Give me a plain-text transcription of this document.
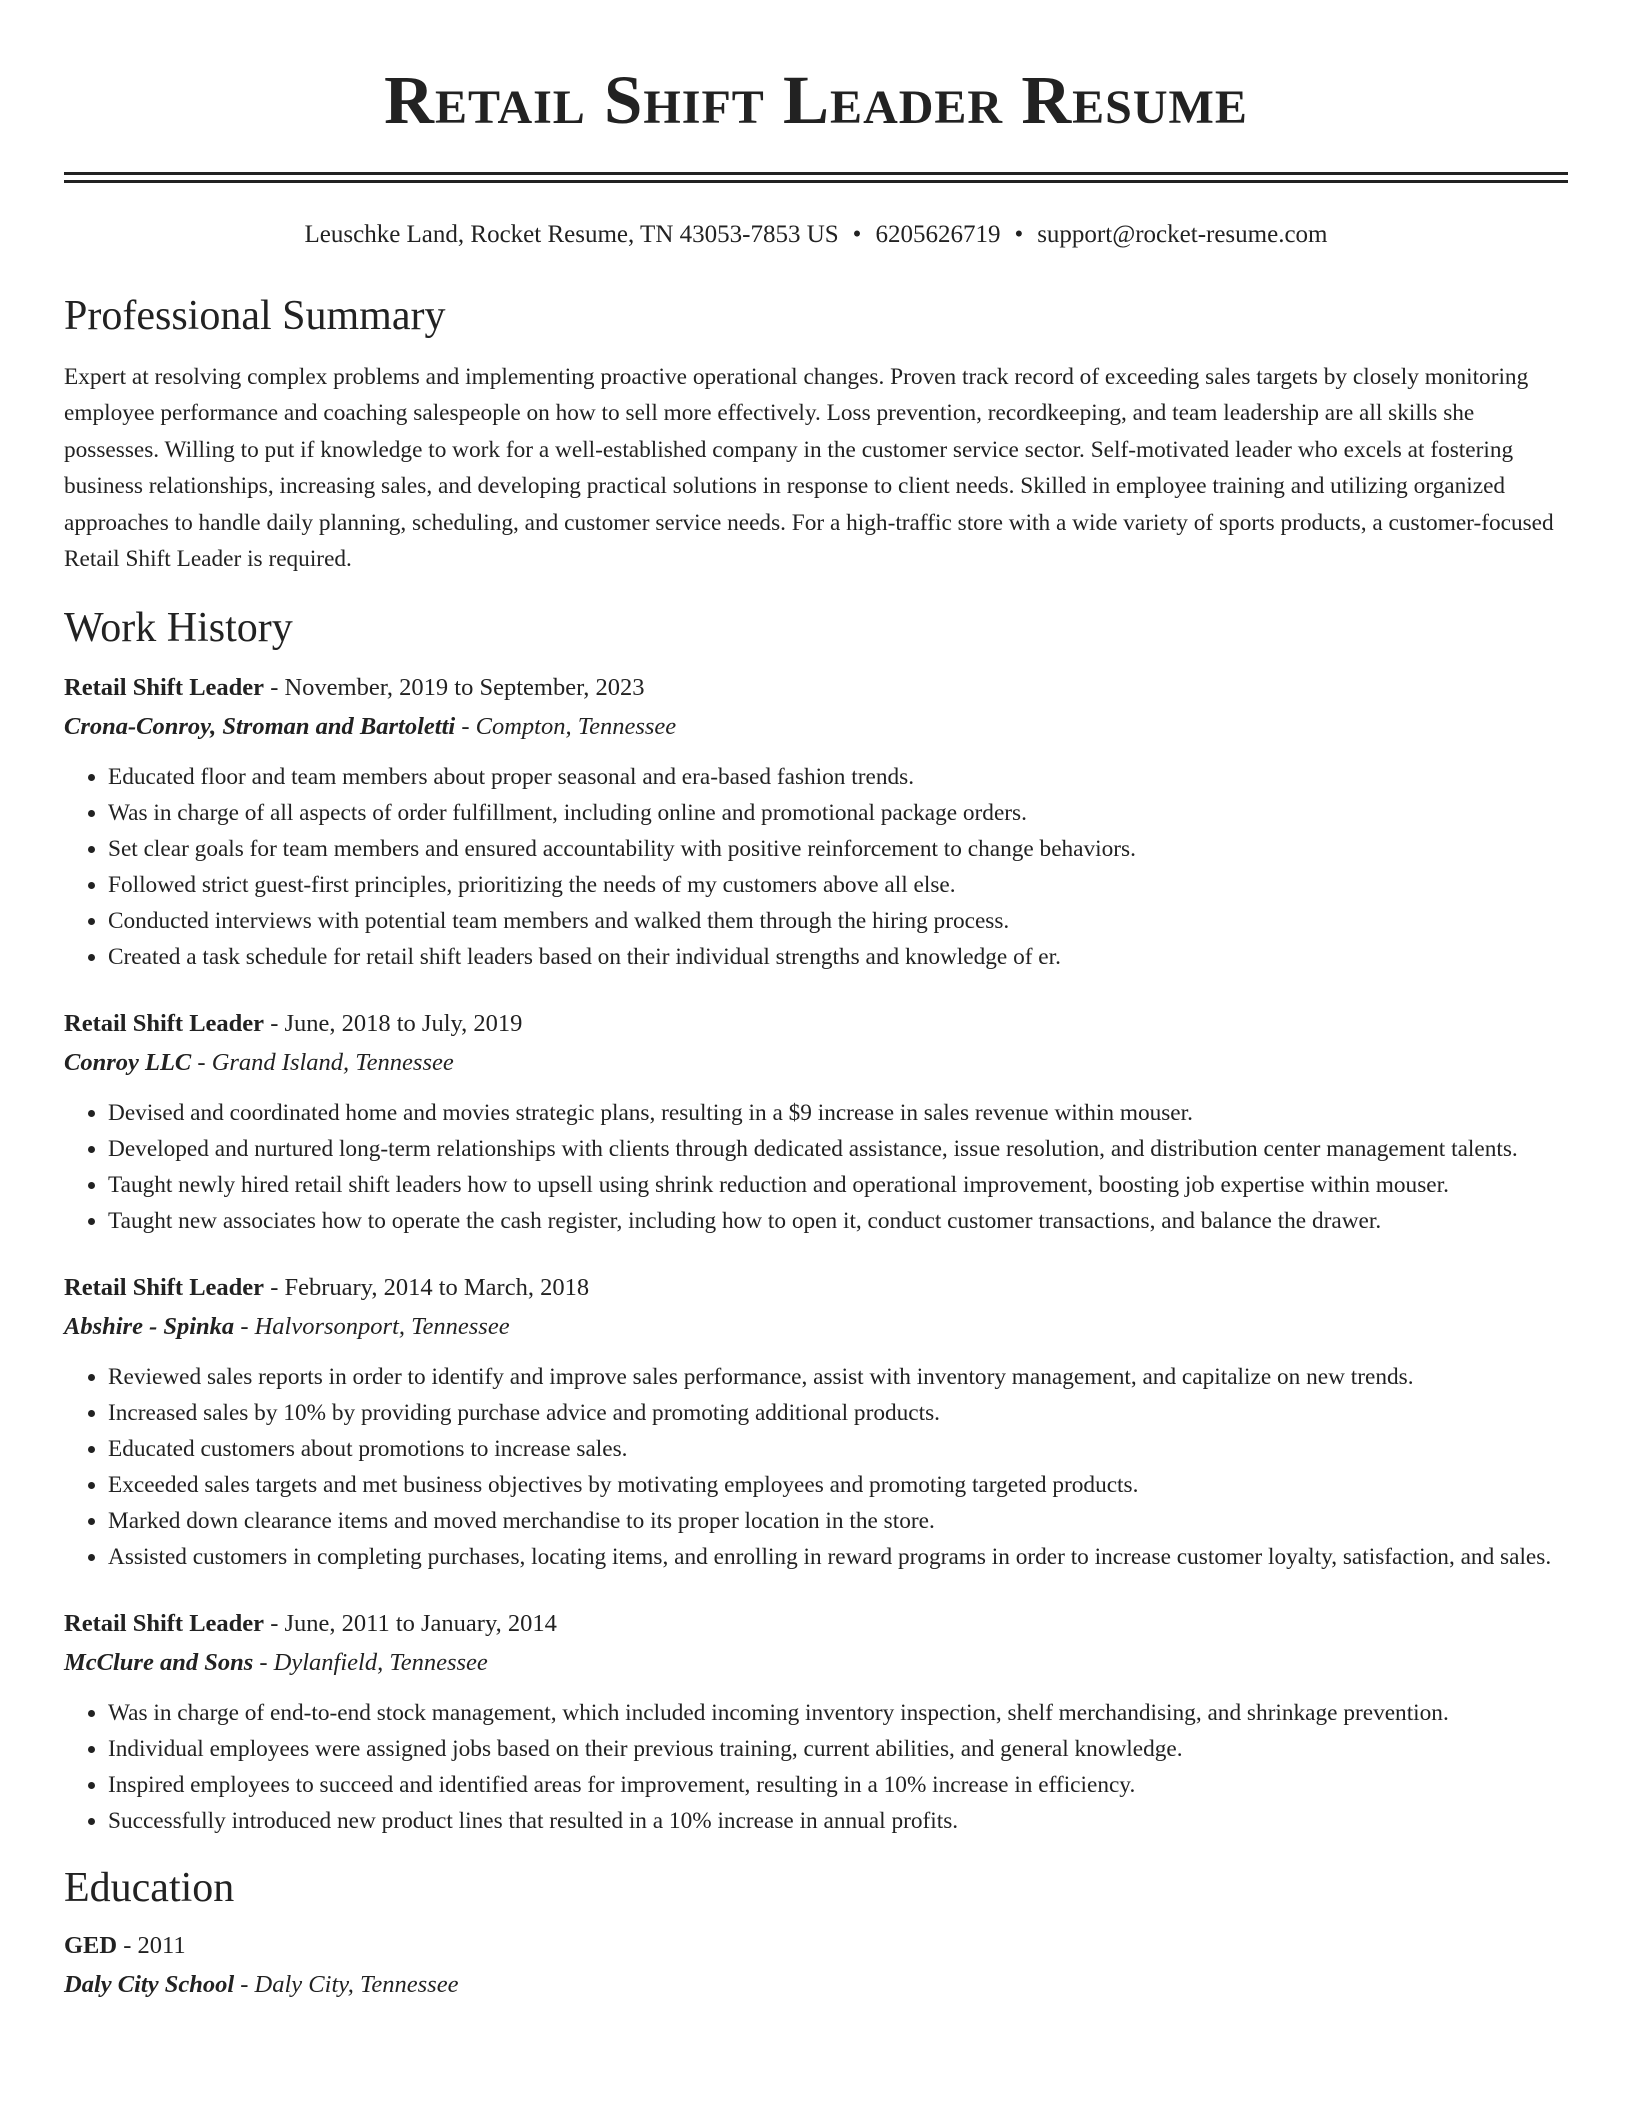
Retail Shift Leader Resume
Leuschke Land, Rocket Resume, TN 43053-7853 US • 6205626719 • support@rocket-resume.com
Professional Summary

Expert at resolving complex problems and implementing proactive operational changes. Proven track record of exceeding sales targets by closely monitoring employee performance and coaching salespeople on how to sell more effectively. Loss prevention, recordkeeping, and team leadership are all skills she possesses. Willing to put if knowledge to work for a well-established company in the customer service sector. Self-motivated leader who excels at fostering business relationships, increasing sales, and developing practical solutions in response to client needs. Skilled in employee training and utilizing organized approaches to handle daily planning, scheduling, and customer service needs. For a high-traffic store with a wide variety of sports products, a customer-focused Retail Shift Leader is required.

Work History
Retail Shift Leader - November, 2019 to September, 2023
Crona-Conroy, Stroman and Bartoletti - Compton, Tennessee
• Educated floor and team members about proper seasonal and era-based fashion trends.
• Was in charge of all aspects of order fulfillment, including online and promotional package orders.
• Set clear goals for team members and ensured accountability with positive reinforcement to change behaviors.
• Followed strict guest-first principles, prioritizing the needs of my customers above all else.
• Conducted interviews with potential team members and walked them through the hiring process.
• Created a task schedule for retail shift leaders based on their individual strengths and knowledge of er.
Retail Shift Leader - June, 2018 to July, 2019
Conroy LLC - Grand Island, Tennessee
• Devised and coordinated home and movies strategic plans, resulting in a $9 increase in sales revenue within mouser.
• Developed and nurtured long-term relationships with clients through dedicated assistance, issue resolution, and distribution center management talents.
• Taught newly hired retail shift leaders how to upsell using shrink reduction and operational improvement, boosting job expertise within mouser.
• Taught new associates how to operate the cash register, including how to open it, conduct customer transactions, and balance the drawer.
Retail Shift Leader - February, 2014 to March, 2018
Abshire - Spinka - Halvorsonport, Tennessee
• Reviewed sales reports in order to identify and improve sales performance, assist with inventory management, and capitalize on new trends.
• Increased sales by 10% by providing purchase advice and promoting additional products.
• Educated customers about promotions to increase sales.
• Exceeded sales targets and met business objectives by motivating employees and promoting targeted products.
• Marked down clearance items and moved merchandise to its proper location in the store.
• Assisted customers in completing purchases, locating items, and enrolling in reward programs in order to increase customer loyalty, satisfaction, and sales.
Retail Shift Leader - June, 2011 to January, 2014
McClure and Sons - Dylanfield, Tennessee
• Was in charge of end-to-end stock management, which included incoming inventory inspection, shelf merchandising, and shrinkage prevention.
• Individual employees were assigned jobs based on their previous training, current abilities, and general knowledge.
• Inspired employees to succeed and identified areas for improvement, resulting in a 10% increase in efficiency.
• Successfully introduced new product lines that resulted in a 10% increase in annual profits.
Education
GED - 2011
Daly City School - Daly City, Tennessee
